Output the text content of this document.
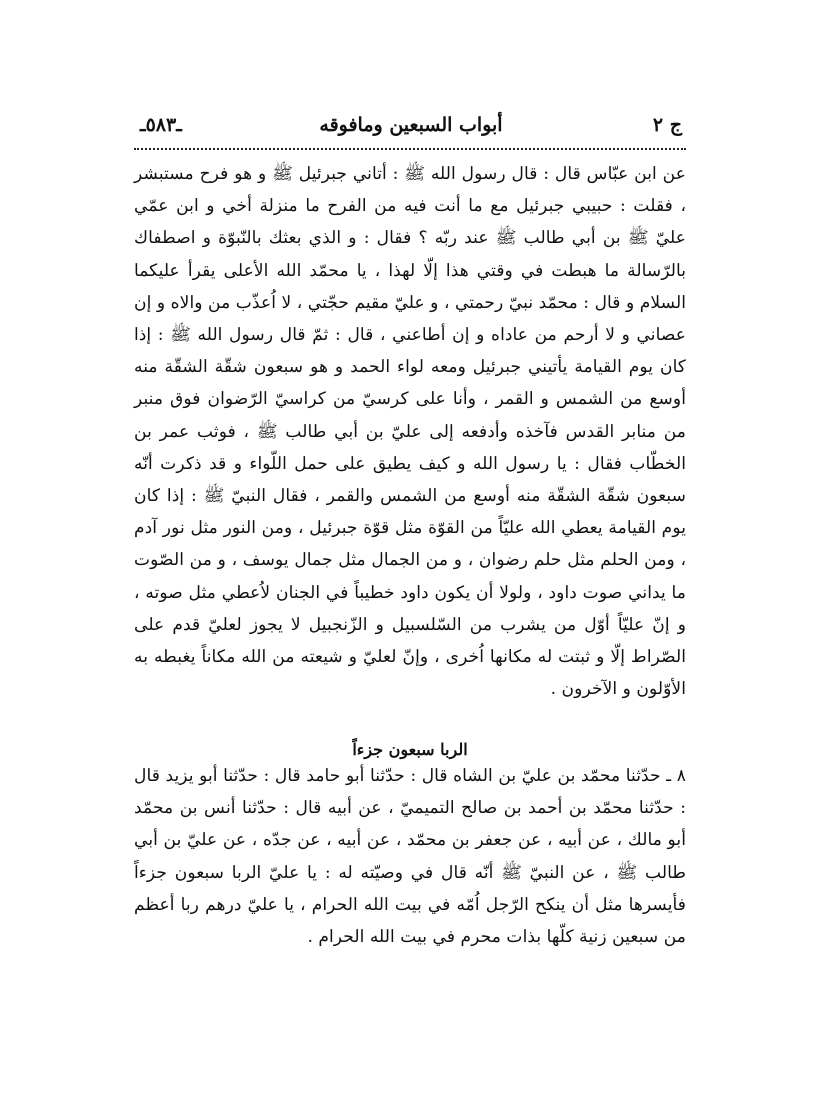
ج ٢
أبواب السبعين ومافوقه
ـ٥٨٣ـ

عن ابن عبّاس قال : قال رسول الله ﷺ : أتاني جبرئيل ﷺ و هو فرح مستبشر ، فقلت : حبيبي جبرئيل مع ما أنت فيه من الفرح ما منزلة أخي و ابن عمّي عليّ ﷺ بن أبي طالب ﷺ عند ربّه ؟ فقال : و الذي بعثك بالنّبوّة و اصطفاك بالرّسالة ما هبطت في وقتي هذا إلّا لهذا ، يا محمّد الله الأعلى يقرأ عليكما السلام و قال : محمّد نبيّ رحمتي ، و عليّ مقيم حجّتي ، لا اُعذّب من والاه و إن عصاني و لا أرحم من عاداه و إن أطاعني ، قال : ثمّ قال رسول الله ﷺ : إذا كان يوم القيامة يأتيني جبرئيل ومعه لواء الحمد و هو سبعون شقّة الشقّة منه أوسع من الشمس و القمر ، وأنا على كرسيّ من كراسيّ الرّضوان فوق منبر من منابر القدس فآخذه وأدفعه إلى عليّ بن أبي طالب ﷺ ، فوثب عمر بن الخطّاب فقال : يا رسول الله و كيف يطيق على حمل اللّواء و قد ذكرت أنّه سبعون شقّة الشقّة منه أوسع من الشمس والقمر ، فقال النبيّ ﷺ : إذا كان يوم القيامة يعطي الله عليّاً من القوّة مثل قوّة جبرئيل ، ومن النور مثل نور آدم ، ومن الحلم مثل حلم رضوان ، و من الجمال مثل جمال يوسف ، و من الصّوت ما يداني صوت داود ، ولولا أن يكون داود خطيباً في الجنان لاُعطي مثل صوته ، و إنّ عليّاً أوّل من يشرب من السّلسبيل و الزّنجبيل لا يجوز لعليّ قدم على الصّراط إلّا و ثبتت له مكانها اُخرى ، وإنّ لعليّ و شيعته من الله مكاناً يغبطه به الأوّلون و الآخرون .

الربا سبعون جزءاً

٨ ـ حدّثنا محمّد بن عليّ بن الشاه قال : حدّثنا أبو حامد قال : حدّثنا أبو يزيد قال : حدّثنا محمّد بن أحمد بن صالح التميميّ ، عن أبيه قال : حدّثنا أنس بن محمّد أبو مالك ، عن أبيه ، عن جعفر بن محمّد ، عن أبيه ، عن جدّه ، عن عليّ بن أبي طالب ﷺ ، عن النبيّ ﷺ أنّه قال في وصيّته له : يا عليّ الربا سبعون جزءاً فأيسرها مثل أن ينكح الرّجل اُمّه في بيت الله الحرام ، يا عليّ درهم ربا أعظم من سبعين زنية كلّها بذات محرم في بيت الله الحرام .
